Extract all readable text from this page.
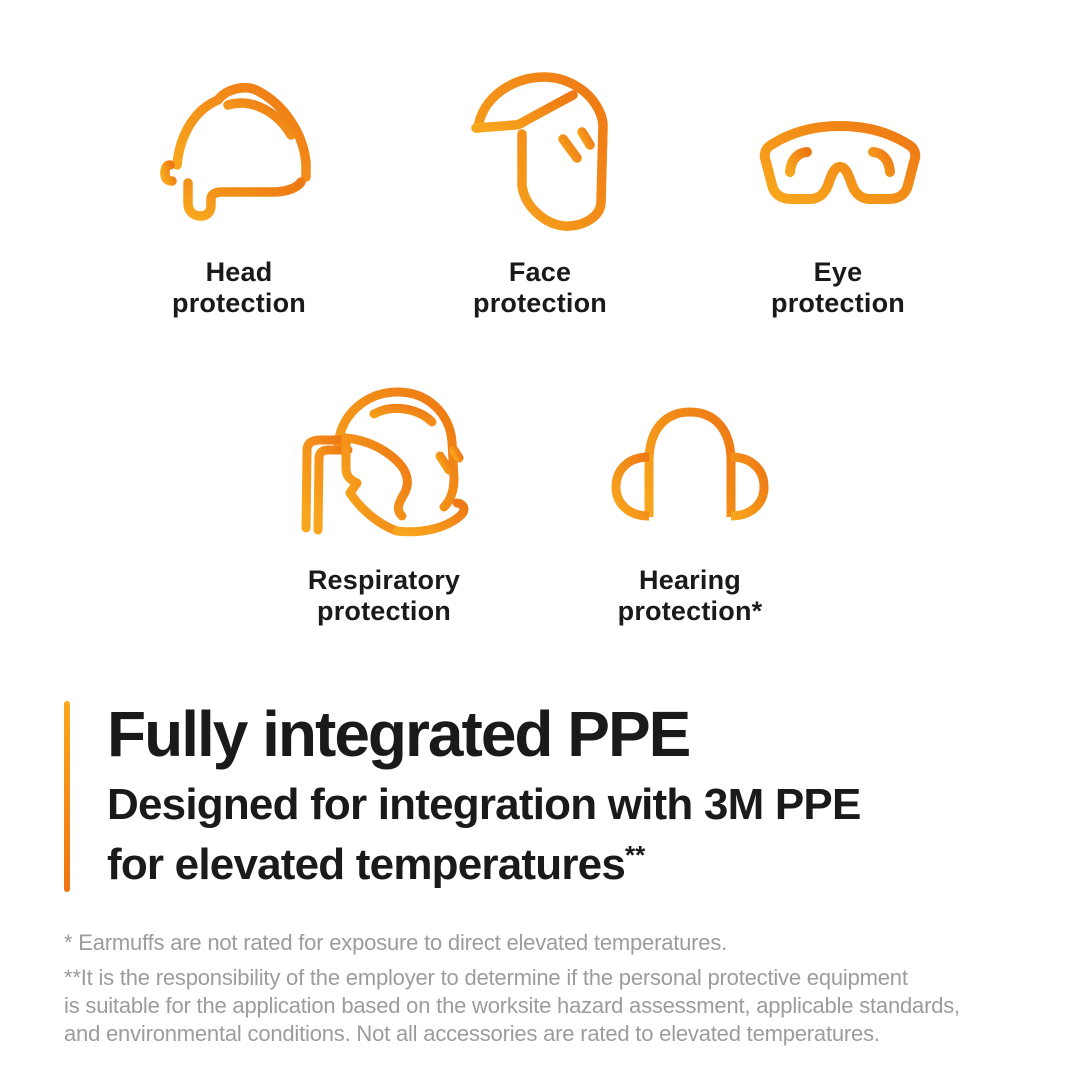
Head
protection
Face
protection
Eye
protection
Respiratory
protection
Hearing
protection*
Fully integrated PPE
Designed for integration with 3M PPE
for elevated temperatures**

* Earmuffs are not rated for exposure to direct elevated temperatures.

**It is the responsibility of the employer to determine if the personal protective equipment
is suitable for the application based on the worksite hazard assessment, applicable standards,
and environmental conditions. Not all accessories are rated to elevated temperatures.
